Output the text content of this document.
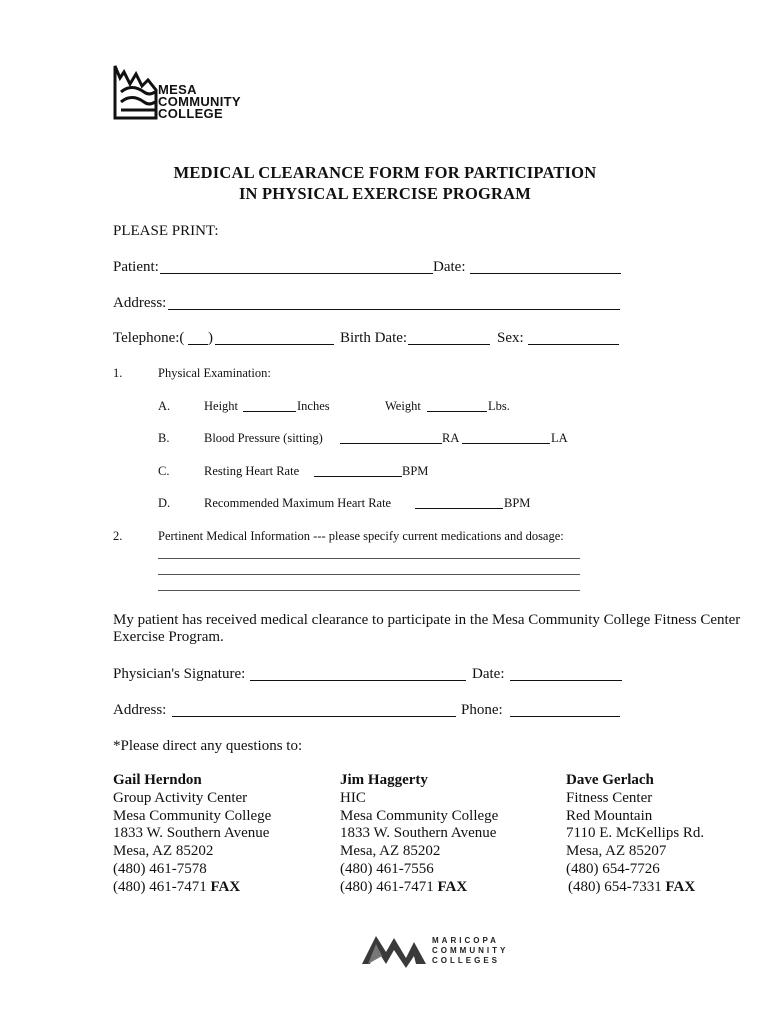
MESA
COMMUNITY
COLLEGE
MEDICAL CLEARANCE FORM FOR PARTICIPATION
IN PHYSICAL EXERCISE PROGRAM
PLEASE PRINT:
Patient:	Date:
Address:
Telephone:( )	Birth Date:	Sex:
1.	Physical Examination:
A.	Height	Inches	Weight	Lbs.
B.	Blood Pressure (sitting)	RA	LA
C.	Resting Heart Rate	BPM
D.	Recommended Maximum Heart Rate	BPM
2.	Pertinent Medical Information --- please specify current medications and dosage:
My patient has received medical clearance to participate in the Mesa Community College Fitness Center
Exercise Program.
Physician's Signature:	Date:
Address:	Phone:
*Please direct any questions to:
Gail Herndon
Group Activity Center
Mesa Community College
1833 W. Southern Avenue
Mesa, AZ 85202
(480) 461-7578
(480) 461-7471 FAX
Jim Haggerty
HIC
Mesa Community College
1833 W. Southern Avenue
Mesa, AZ 85202
(480) 461-7556
(480) 461-7471 FAX
Dave Gerlach
Fitness Center
Red Mountain
7110 E. McKellips Rd.
Mesa, AZ 85207
(480) 654-7726
(480) 654-7331 FAX
MARICOPA
COMMUNITY
COLLEGES
